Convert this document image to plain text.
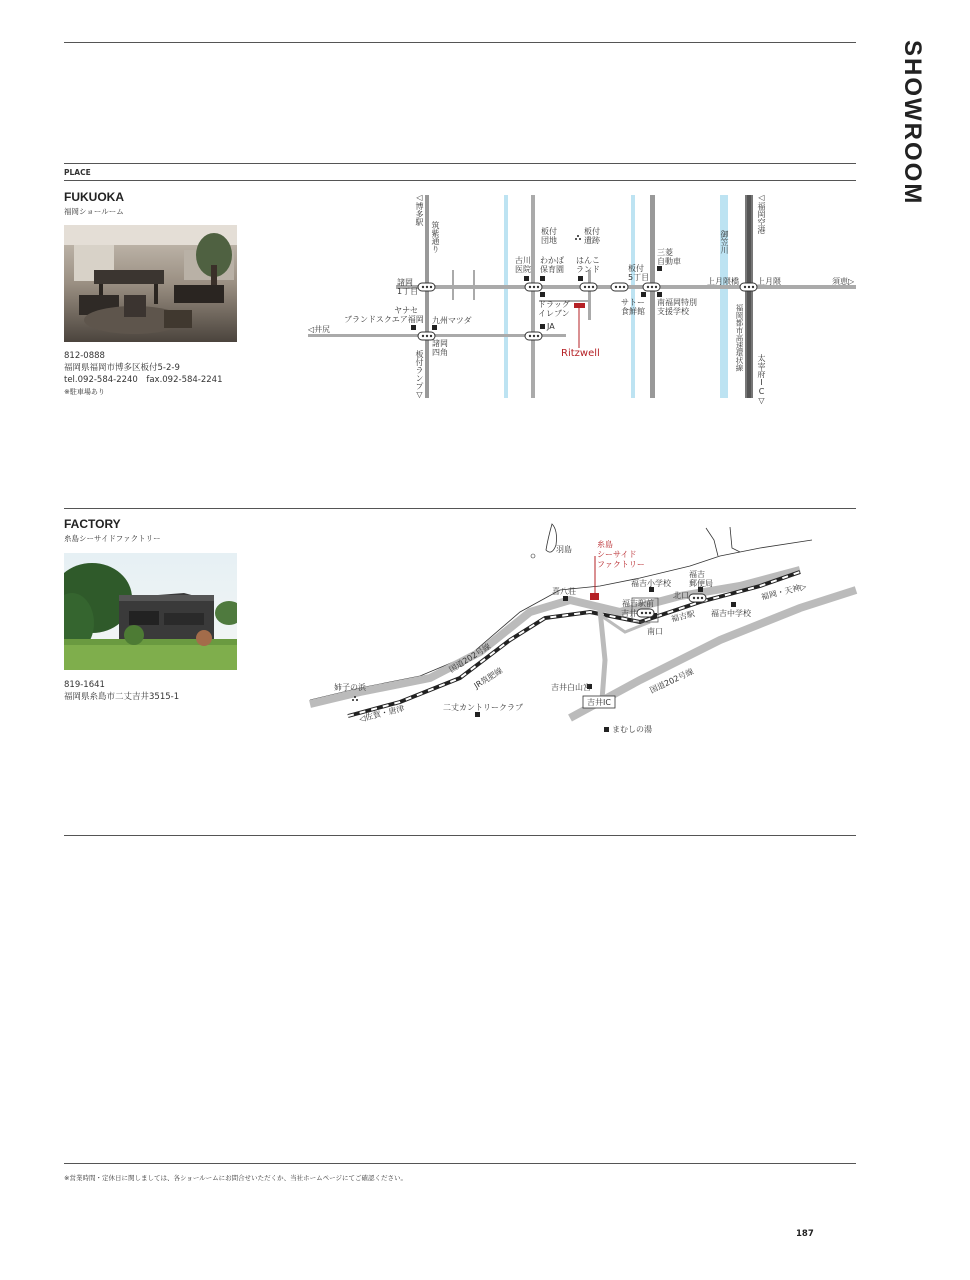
SHOWROOM
PLACE
FUKUOKA
福岡ショールーム
812-0888
福岡県福岡市博多区板付5-2-9
tel.092-584-2240　fax.092-584-2241
※駐車場あり
◁博多駅
筑紫通り
◁福岡空港
御笠川
福岡都市高速環状線
太宰府IC▽
板付ランプ▽
板付
団地
板付
遺跡
古川
医院
わかば
保育園
はんこ
ランド	板付
5丁目
三菱
自動車
諸岡
1丁目
上月隈橋 上月隈	須恵▷
ドラッグ
イレブン
サトー
食鮮館
南福岡特別
支援学校
ヤナセ
ブランドスクエア福岡 九州マツダ
◁井尻	JA
Ritzwell
諸岡
四角
FACTORY
糸島シーサイドファクトリー
819-1641
福岡県糸島市二丈吉井3515-1
羽島
糸島
シーサイド
ファクトリー
喜八荘
福吉小学校
福吉
郵便局
北口
福吉駅前
吉井
南口
福吉駅 福吉中学校
福岡・天神▷
国道202号線
JR筑肥線	国道202号線
姉子の浜
◁佐賀・唐津	二丈カントリークラブ
吉井白山宮
吉井IC
まむしの湯
※営業時間・定休日に関しましては、各ショールームにお問合せいただくか、当社ホームページにてご確認ください。
187
